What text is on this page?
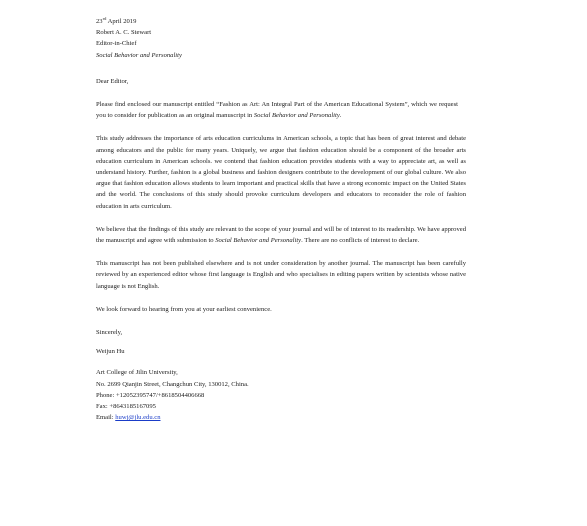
23rd April 2019
Robert A. C. Stewart
Editor-in-Chief
Social Behavior and Personality

Dear Editor,

Please find enclosed our manuscript entitled “Fashion as Art: An Integral Part of the American Educational System”, which we request you to consider for publication as an original manuscript in Social Behavior and Personality.

This study addresses the importance of arts education curriculums in American schools, a topic that has been of great interest and debate among educators and the public for many years. Uniquely, we argue that fashion education should be a component of the broader arts education curriculum in American schools. we contend that fashion education provides students with a way to appreciate art, as well as understand history. Further, fashion is a global business and fashion designers contribute to the development of our global culture. We also argue that fashion education allows students to learn important and practical skills that have a strong economic impact on the United States and the world. The conclusions of this study should provoke curriculum developers and educators to reconsider the role of fashion education in arts curriculum.

We believe that the findings of this study are relevant to the scope of your journal and will be of interest to its readership. We have approved the manuscript and agree with submission to Social Behavior and Personality. There are no conflicts of interest to declare.

This manuscript has not been published elsewhere and is not under consideration by another journal. The manuscript has been carefully reviewed by an experienced editor whose first language is English and who specialises in editing papers written by scientists whose native language is not English.

We look forward to hearing from you at your earliest convenience.

Sincerely,

Weijun Hu

Art College of Jilin University,
No. 2699 Qianjin Street, Changchun City, 130012, China.
Phone: +12052395747/+8618504406668
Fax: +8643185167095
Email: huwj@jlu.edu.cn
